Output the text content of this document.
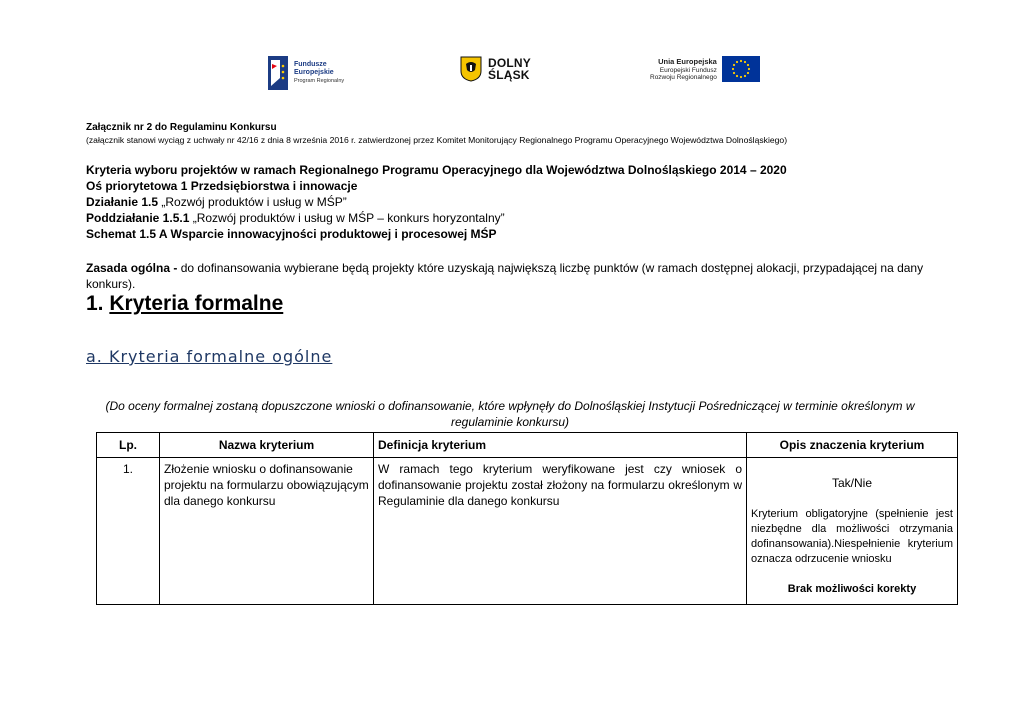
Fundusze
Europejskie
Program Regionalny
DOLNY
ŚLĄSK
Unia Europejska
Europejski Fundusz
Rozwoju Regionalnego
Załącznik nr 2 do Regulaminu Konkursu
(załącznik stanowi wyciąg z uchwały nr 42/16 z dnia 8 września 2016 r. zatwierdzonej przez Komitet Monitorujący Regionalnego Programu Operacyjnego Województwa Dolnośląskiego)
Kryteria wyboru projektów w ramach Regionalnego Programu Operacyjnego dla Województwa Dolnośląskiego 2014 – 2020
Oś priorytetowa 1 Przedsiębiorstwa i innowacje
Działanie 1.5 „Rozwój produktów i usług w MŚP”
Poddziałanie 1.5.1 „Rozwój produktów i usług w MŚP – konkurs horyzontalny”
Schemat 1.5 A Wsparcie innowacyjności produktowej i procesowej MŚP
Zasada ogólna - do dofinansowania wybierane będą projekty które uzyskają największą liczbę punktów (w ramach dostępnej alokacji, przypadającej na dany konkurs).
1. Kryteria formalne
a. Kryteria formalne ogólne
(Do oceny formalnej zostaną dopuszczone wnioski o dofinansowanie, które wpłynęły do Dolnośląskiej Instytucji Pośredniczącej w terminie określonym w regulaminie konkursu)
Lp.	Nazwa kryterium	Definicja kryterium	Opis znaczenia kryterium
1.	Złożenie wniosku o dofinansowanie projektu na formularzu obowiązującym dla danego konkursu	W ramach tego kryterium weryfikowane jest czy wniosek o dofinansowanie projektu został złożony na formularzu określonym w Regulaminie dla danego konkursu	Tak/Nie
Kryterium obligatoryjne (spełnienie jest niezbędne dla możliwości otrzymania dofinansowania).Niespełnienie kryterium oznacza odrzucenie wniosku
Brak możliwości korekty
